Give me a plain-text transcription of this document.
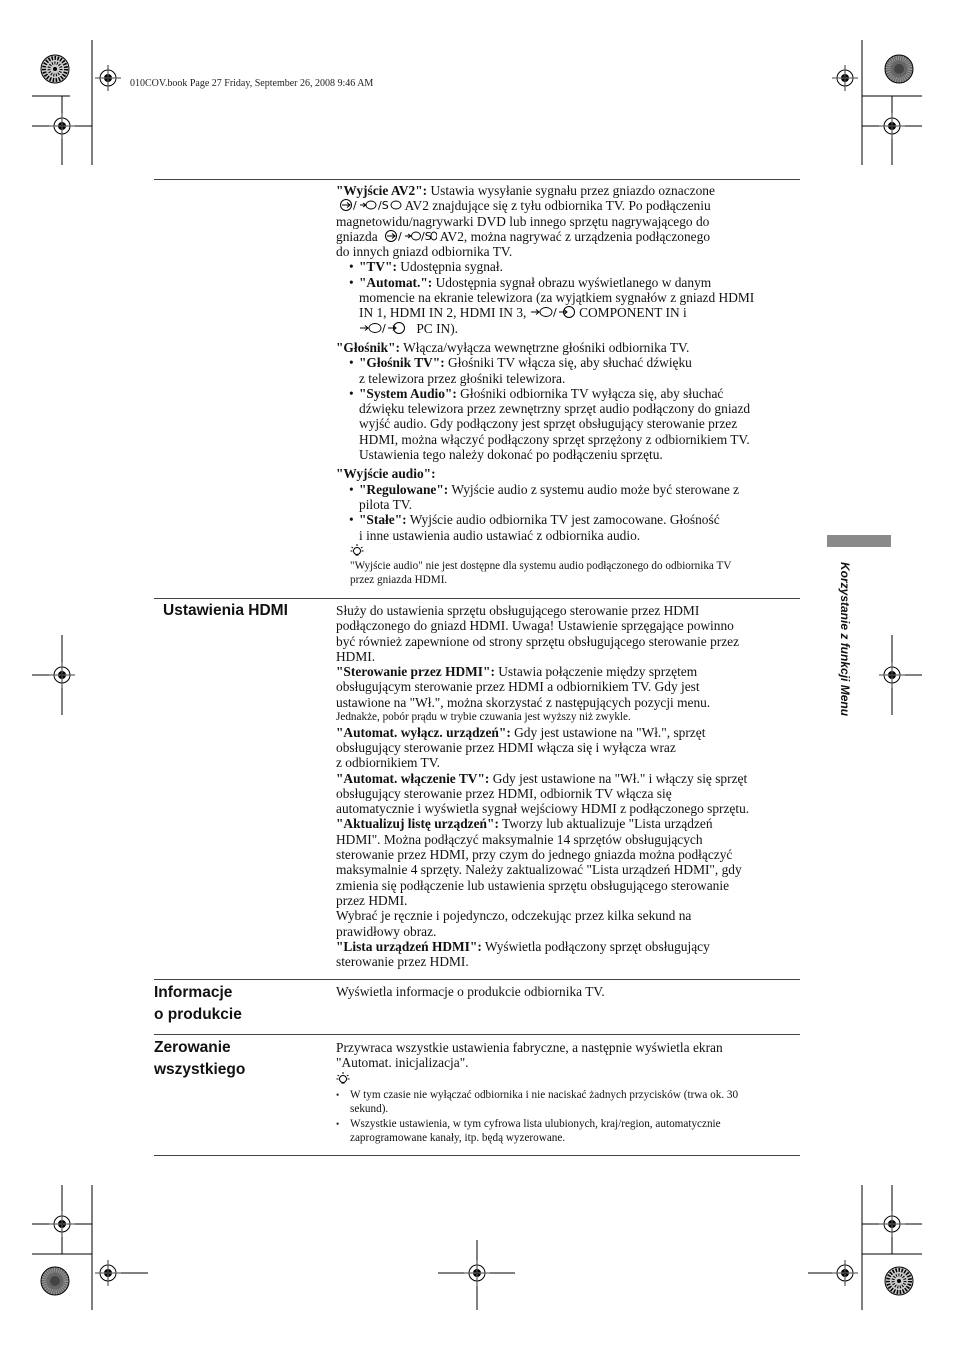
010COV.book Page 27 Friday, September 26, 2008 9:46 AM
Korzystanie z funkcji Menu

"Wyjście AV2": Ustawia wysyłanie sygnału przez gniazdo oznaczone

/ /S AV2 znajdujące się z tyłu odbiornika TV. Po podłączeniu

magnetowidu/nagrywarki DVD lub innego sprzętu nagrywającego do

gniazda / /S AV2, można nagrywać z urządzenia podłączonego

do innych gniazd odbiornika TV.

• "TV": Udostępnia sygnał.
• "Automat.": Udostępnia sygnał obrazu wyświetlanego w danym
momencie na ekranie telewizora (za wyjątkiem sygnałów z gniazd HDMI
IN 1, HDMI IN 2, HDMI IN 3, / COMPONENT IN i

/ PC IN).

"Głośnik": Włącza/wyłącza wewnętrzne głośniki odbiornika TV.

• "Głośnik TV": Głośniki TV włącza się, aby słuchać dźwięku
z telewizora przez głośniki telewizora.
• "System Audio": Głośniki odbiornika TV wyłącza się, aby słuchać
dźwięku telewizora przez zewnętrzny sprzęt audio podłączony do gniazd
wyjść audio. Gdy podłączony jest sprzęt obsługujący sterowanie przez
HDMI, można włączyć podłączony sprzęt sprzężony z odbiornikiem TV.
Ustawienia tego należy dokonać po podłączeniu sprzętu.

"Wyjście audio":

• "Regulowane": Wyjście audio z systemu audio może być sterowane z
pilota TV.
• "Stałe": Wyjście audio odbiornika TV jest zamocowane. Głośność
i inne ustawienia audio ustawiać z odbiornika audio.

"Wyjście audio" nie jest dostępne dla systemu audio podłączonego do odbiornika TV
przez gniazda HDMI.

Ustawienia HDMI	Służy do ustawienia sprzętu obsługującego sterowanie przez HDMI

podłączonego do gniazd HDMI. Uwaga! Ustawienie sprzęgające powinno

być również zapewnione od strony sprzętu obsługującego sterowanie przez

HDMI.

"Sterowanie przez HDMI": Ustawia połączenie między sprzętem

obsługującym sterowanie przez HDMI a odbiornikiem TV. Gdy jest

ustawione na "Wł.", można skorzystać z następujących pozycji menu.

Jednakże, pobór prądu w trybie czuwania jest wyższy niż zwykle.

"Automat. wyłącz. urządzeń": Gdy jest ustawione na "Wł.", sprzęt

obsługujący sterowanie przez HDMI włącza się i wyłącza wraz

z odbiornikiem TV.

"Automat. włączenie TV": Gdy jest ustawione na "Wł." i włączy się sprzęt

obsługujący sterowanie przez HDMI, odbiornik TV włącza się

automatycznie i wyświetla sygnał wejściowy HDMI z podłączonego sprzętu.

"Aktualizuj listę urządzeń": Tworzy lub aktualizuje "Lista urządzeń

HDMI". Można podłączyć maksymalnie 14 sprzętów obsługujących

sterowanie przez HDMI, przy czym do jednego gniazda można podłączyć

maksymalnie 4 sprzęty. Należy zaktualizować "Lista urządzeń HDMI", gdy

zmienia się podłączenie lub ustawienia sprzętu obsługującego sterowanie

przez HDMI.

Wybrać je ręcznie i pojedynczo, odczekując przez kilka sekund na

prawidłowy obraz.

"Lista urządzeń HDMI": Wyświetla podłączony sprzęt obsługujący

sterowanie przez HDMI.

Informacje
o produkcie

Wyświetla informacje o produkcie odbiornika TV.

Zerowanie
wszystkiego

Przywraca wszystkie ustawienia fabryczne, a następnie wyświetla ekran

"Automat. inicjalizacja".

• W tym czasie nie wyłączać odbiornika i nie naciskać żadnych przycisków (trwa ok. 30
sekund).
• Wszystkie ustawienia, w tym cyfrowa lista ulubionych, kraj/region, automatycznie
zaprogramowane kanały, itp. będą wyzerowane.
